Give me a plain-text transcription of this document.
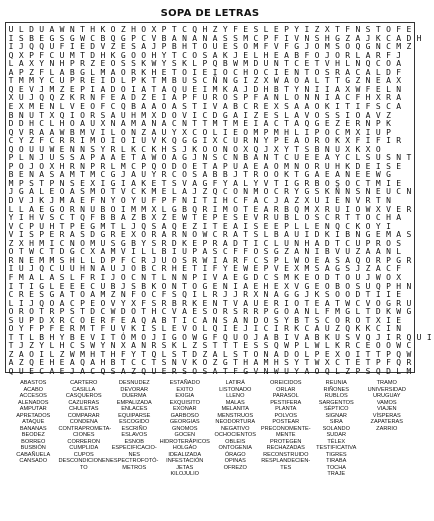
SOPA DE LETRAS
U L D U A W N T H K O Z H O X P T C Q H Z Y F E S L E P Y I Z X T F N S T O F E
I S B E G S G W C B Q G P C V B A N A N A S S M C P F I V N S H G Z A J K C A D H
I J Q Q U F I E D V Z E S A J P B H T O U E S O M F V F G J O M S O Q G N C M Z
Q X P F C U M T D H K G O O H Y T C O S A K J E L H E A B F O J O R L A R F J
L A X Y N H P R Z E O S S K W Y S K L P Q B W M D U N T C E T V H L N Q C O A
A P Z F L A B G L M A O R K H E T O I E I O C H O C I E N T O S R A C A L D F
T M M Y C U P R E I D L P K T M B U S C Ñ N G I Z X W A O A L T T G Z N E A X
Q E V J M Z E P I A D O I A T A Q U E I M K A J D H B T Y N I I A X W F E L N
X U J Q Q Z K R N F E A D Z E I A P F U R O S P F A N L O N N I A C F H X R A
E X M E N L V E O F C Q B A A O A S T I V A B C R E X S A A O K I T I F S C A
B N U T X Q I O R S A U H M X D O V I C D G A I Z E S L A V O S S I O A V Z
D D H C L H O A U X N A M A N A C N T T M T M E I A C T A Q G E Z E R N P K
Q V R A A W B M V I L O N Z A U Y X C O L I E O M P M H L I P O C M X I U P
C Y Z F C R R I M O I O I U V K Q G G I X C U R N Y P E A O R O K X F I F I R
Q O U U W E N N S Y R L K C K H S J K O O N O X Q J X Y T S B N U X K X O
P L N J U S S A P A A E T A W O A G J N S C N B A N T C U E E A Y C L S U S N T
P O J O X H R N P R L M C P Q O D O E T A P U A E A O M N O R U H K D E I S E
B E N A S A M T M C G J A U Y R C O S A B B J T R O O K T G A E A N E E W G
M P S T P N S E X I G I A K E T S V A G F Y A L Y V T I G R B O S O C T M I E
J G A L E O A S M O T V C K M E L A J Z Q C O N M O C R Y G S K Ñ N S N E U C N
D V J K J M A E F N Y O Y U F P F N I T I H C F A C J A Z X U I E N V R T N
L L A E G O R N U B O I M M X L G B Q R I M O T E A R B Q M X R U I O W X V E R
Y I H V S C T Q F B B A Z B X Z E W T E P E S E V R U B L O S C R T T O C H A
V C P U H T P E G M T L J Q S A Q E Z I T E A I S E E P L L E N Q C K O Y I
V I S P E R A S D G R E X O R A R N O W C R A T S L B A U I D K I B N G E M A S
Z X H M I C N O M U S G B Y S R D K E P R A D T I C L U N H A D T C U P R O S
O T W C T D G C X A M V I L L B I U P A S C F F O S G Z A N I B V U Z A A N L
R N E M M S H L L D P F C R J U O S R W I A R F C S P L W O E A S A Q O R P G R
I U J Q C U U H N A U J O B C R H E T I F Y E W E P V E X M S A G S J Z A C F
F M A L A S L F R I J O C N T L N N P I V A E G D C S M K E O D T O U J W O X
I T I G L E E E C U B J S B K O N T O G E N I A E H E X V G E O B O S U Q P H N
C R E S G A T O A M Z N F O C F S Q I L R J J R X N A G G J K S O O D T I I E
L I J Q O A C P E O V Y X F S R B R K E N T V A U E R I O T E A T W C V O G R U
O R O T R P S T D C W D O T H C V A E S O R S R R P G O A N L F M G L T D K W G
S U P D X R C O E R F E A Q A B T I C A N S A N D O S Y B T S C O R O T X I E
O Y F P F E R M T F U V K I S L E V O L Q I E J I C I R K C A U Z Q K K C I N
T T L B H Y B E V I T Ó M O J I G O W G F Q U O J A B I V A B K U S V Q J I R Q U I
T J Z Y L H C S W Y N X A N R S K L Z S T T T E S S Q W P L W L K R C E O O W C
Z A O I L Z W M H T H F Y T Q L S T D Z A L S T O N A D O L P E X O I T T P Q W
A Z Q E H E A Q A H B T C C T S N V K O Z G T H A M H S Y T W X C T E T P F Q R
Q U E C A E J A C Q S A Z Q U E R S O S A T F G V N W U Y A O Q L Z P S Q D L M
ABASTOS
ACABO
ACCESOS
ALENADOS
AMPUTAR
APRETADOS
ATAQUE
BANANAS
BEODEZ
BORREO
BUSBIÓN
CABAÑUELA
CANSADO
CARTERO
CASILLA
CASQUEROS
CAZURRAS
CHULETAS
COMPARAR
CONDENA
CONTRAPROMETA-
CIONES
CORRERON
CUMPLIDA
CUPOS
DESCONDICIONEN-
TO
DESNUDEZ
DEVORAR
DUERMA
EMPALIZADA
ENLACES
EQUIPARSE
ESCOGIDO
ESCRIÑO
ESLAVOS
ESNOB
ESPECIFICACIO-
NES
ESPECTROFOTÓ-
METROS
ESTAÑADO
EXITO
EXIGIA
EXQUISITO
EXONAR
GARBOSO
GEORGIAS
GNOMOS
GOCEN
HIDROTERÁPICOS
HOLGÁO
IDEALIZADA
INFESTACIÓN
JETAS
KILOJULIO
LATIRÁ
LISTONADO
LLENO
MALAS
MELANITA
MENSTRUOS
NEODORTURA
NEGATIVO
OCHOCIENTOS
OBLEIS
ONTOGENIA
ÓRAGO
OPINAS
OFREZO
OREICIDOS
ORLAR
PARASOL
PESTIFERA
PLANTA
POLVOS
POSTEAR
PRECONOMENTE-
MENTE
PROTEGEN
RECHAZADAS
RECONSTRUIDO
RESPLANDECIEN-
TES
REUNIA
RIÑONES
RUBLOS
SARGENTOS
SÉPTICO
SIGNAR
SIRA
SOLANDO
SUDAR
TÉLEX
TESTIFICATIVA
TIGRES
TIRABA
TOCHA
TRAJE
TRAMO
UNIVERSIDAD
URUGUAY
VAMOS
VIAJEN
VÍSPERAS
ZAPATERAS
ZARRIO
